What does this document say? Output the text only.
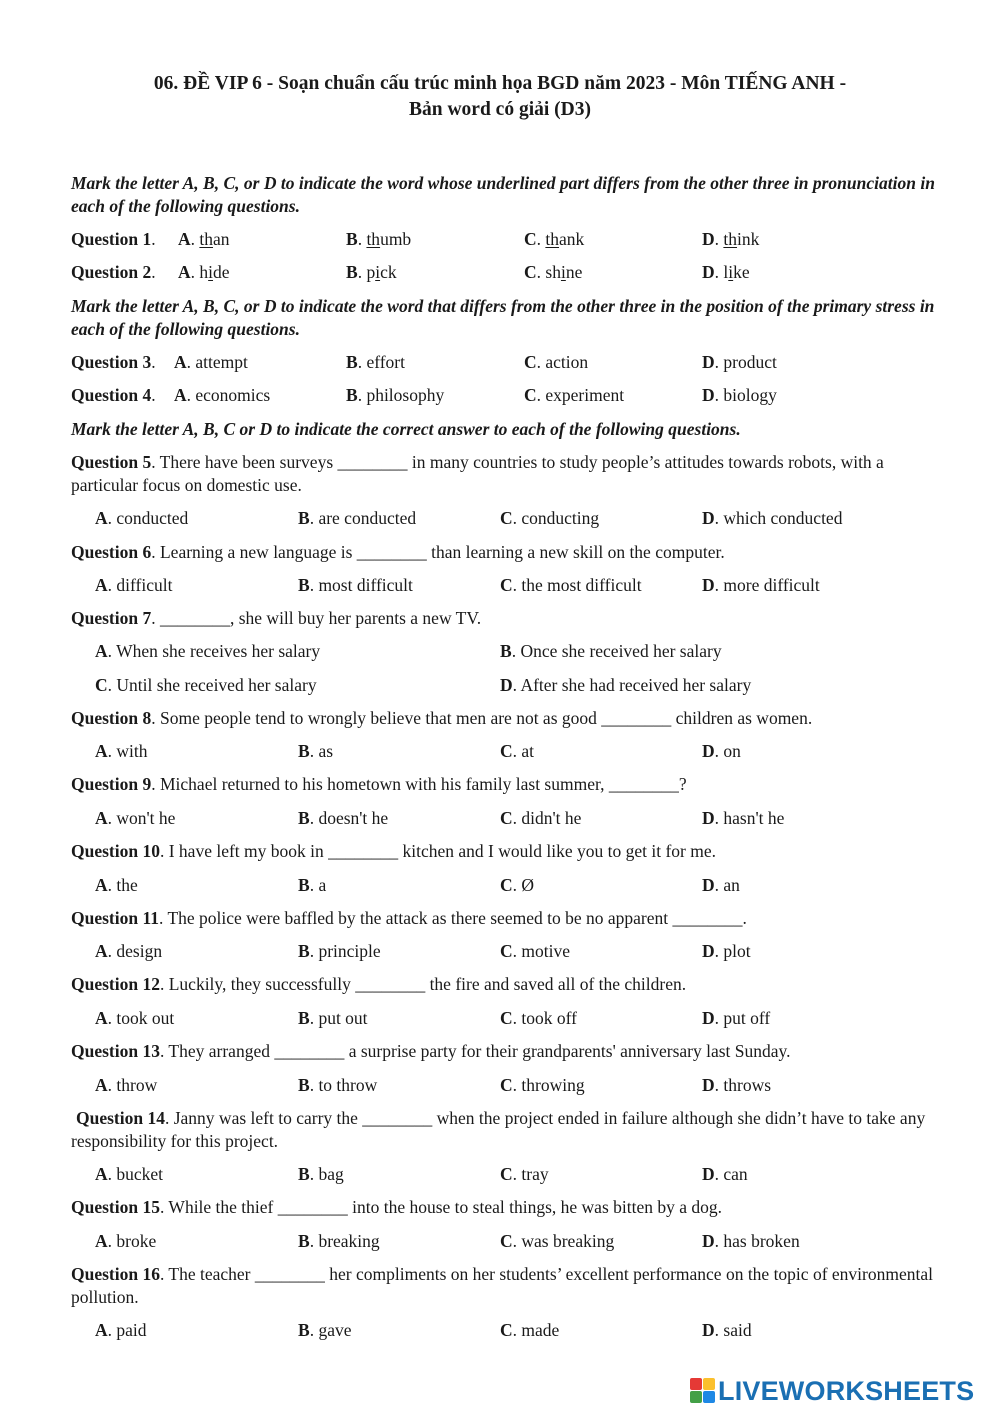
06. ĐỀ VIP 6 - Soạn chuẩn cấu trúc minh họa BGD năm 2023 - Môn TIẾNG ANH -
Bản word có giải (D3)
Mark the letter A, B, C, or D to indicate the word whose underlined part differs from the other three in pronunciation in each of the following questions.
Question 1. A. than	B. thumb	C. thank	D. think
Question 2. A. hide	B. pick	C. shine	D. like
Mark the letter A, B, C, or D to indicate the word that differs from the other three in the position of the primary stress in each of the following questions.
Question 3. A. attempt	B. effort	C. action	D. product
Question 4. A. economics	B. philosophy	C. experiment	D. biology
Mark the letter A, B, C or D to indicate the correct answer to each of the following questions.
Question 5. There have been surveys ________ in many countries to study people’s attitudes towards robots, with a particular focus on domestic use.
A. conducted	B. are conducted	C. conducting	D. which conducted
Question 6. Learning a new language is ________ than learning a new skill on the computer.
A. difficult	B. most difficult	C. the most difficult	D. more difficult
Question 7. ________, she will buy her parents a new TV.
A. When she receives her salary	B. Once she received her salary
C. Until she received her salary	D. After she had received her salary
Question 8. Some people tend to wrongly believe that men are not as good ________ children as women.
A. with	B. as	C. at	D. on
Question 9. Michael returned to his hometown with his family last summer, ________?
A. won't he	B. doesn't he	C. didn't he	D. hasn't he
Question 10. I have left my book in ________ kitchen and I would like you to get it for me.
A. the	B. a	C. Ø	D. an
Question 11. The police were baffled by the attack as there seemed to be no apparent ________.
A. design	B. principle	C. motive	D. plot
Question 12. Luckily, they successfully ________ the fire and saved all of the children.
A. took out	B. put out	C. took off	D. put off
Question 13. They arranged ________ a surprise party for their grandparents' anniversary last Sunday.
A. throw	B. to throw	C. throwing	D. throws
Question 14. Janny was left to carry the ________ when the project ended in failure although she didn’t have to take any responsibility for this project.
A. bucket	B. bag	C. tray	D. can
Question 15. While the thief ________ into the house to steal things, he was bitten by a dog.
A. broke	B. breaking	C. was breaking	D. has broken
Question 16. The teacher ________ her compliments on her students’ excellent performance on the topic of environmental pollution.
A. paid	B. gave	C. made	D. said
LIVEWORKSHEETS
